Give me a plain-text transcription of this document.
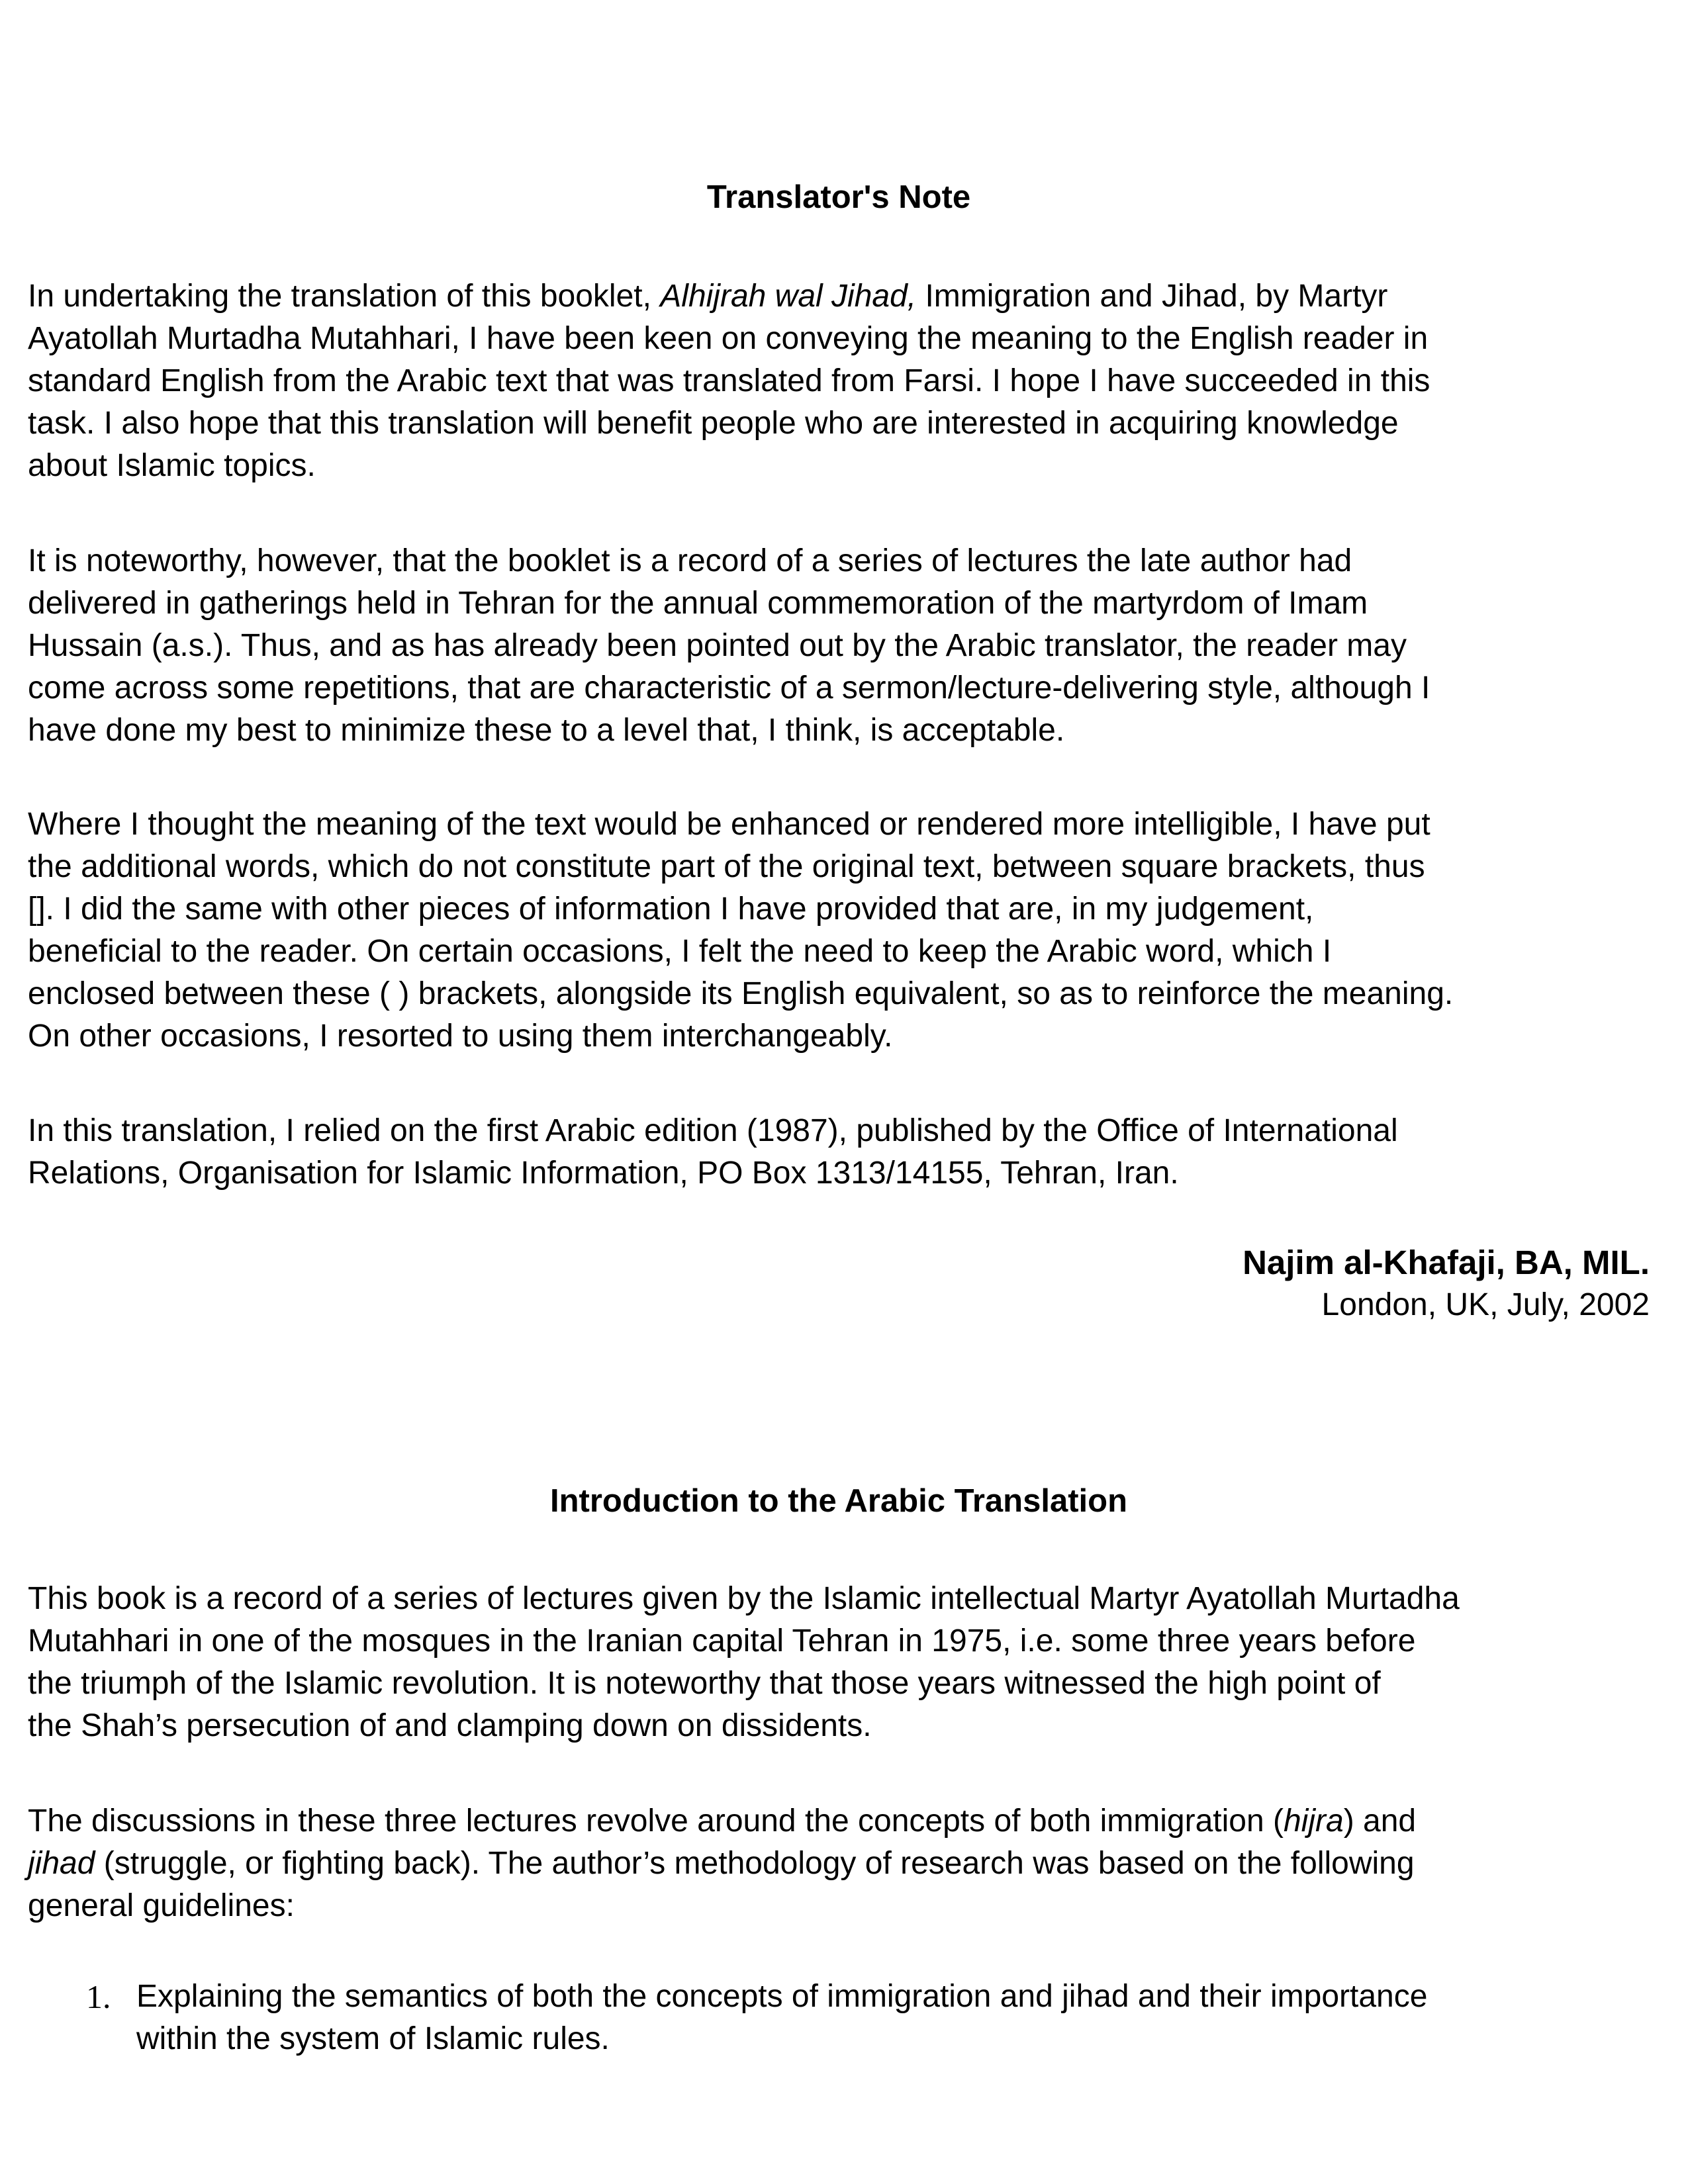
Translator's Note
In undertaking the translation of this booklet, Alhijrah wal Jihad, Immigration and Jihad, by Martyr
Ayatollah Murtadha Mutahhari, I have been keen on conveying the meaning to the English reader in
standard English from the Arabic text that was translated from Farsi. I hope I have succeeded in this
task. I also hope that this translation will benefit people who are interested in acquiring knowledge
about Islamic topics.
It is noteworthy, however, that the booklet is a record of a series of lectures the late author had
delivered in gatherings held in Tehran for the annual commemoration of the martyrdom of Imam
Hussain (a.s.). Thus, and as has already been pointed out by the Arabic translator, the reader may
come across some repetitions, that are characteristic of a sermon/lecture-delivering style, although I
have done my best to minimize these to a level that, I think, is acceptable.
Where I thought the meaning of the text would be enhanced or rendered more intelligible, I have put
the additional words, which do not constitute part of the original text, between square brackets, thus
[]. I did the same with other pieces of information I have provided that are, in my judgement,
beneficial to the reader. On certain occasions, I felt the need to keep the Arabic word, which I
enclosed between these ( ) brackets, alongside its English equivalent, so as to reinforce the meaning.
On other occasions, I resorted to using them interchangeably.
In this translation, I relied on the first Arabic edition (1987), published by the Office of International
Relations, Organisation for Islamic Information, PO Box 1313/14155, Tehran, Iran.
Najim al-Khafaji, BA, MIL.
London, UK, July, 2002
Introduction to the Arabic Translation
This book is a record of a series of lectures given by the Islamic intellectual Martyr Ayatollah Murtadha
Mutahhari in one of the mosques in the Iranian capital Tehran in 1975, i.e. some three years before
the triumph of the Islamic revolution. It is noteworthy that those years witnessed the high point of
the Shah’s persecution of and clamping down on dissidents.
The discussions in these three lectures revolve around the concepts of both immigration (hijra) and
jihad (struggle, or fighting back). The author’s methodology of research was based on the following
general guidelines:
1. Explaining the semantics of both the concepts of immigration and jihad and their importance
within the system of Islamic rules.
